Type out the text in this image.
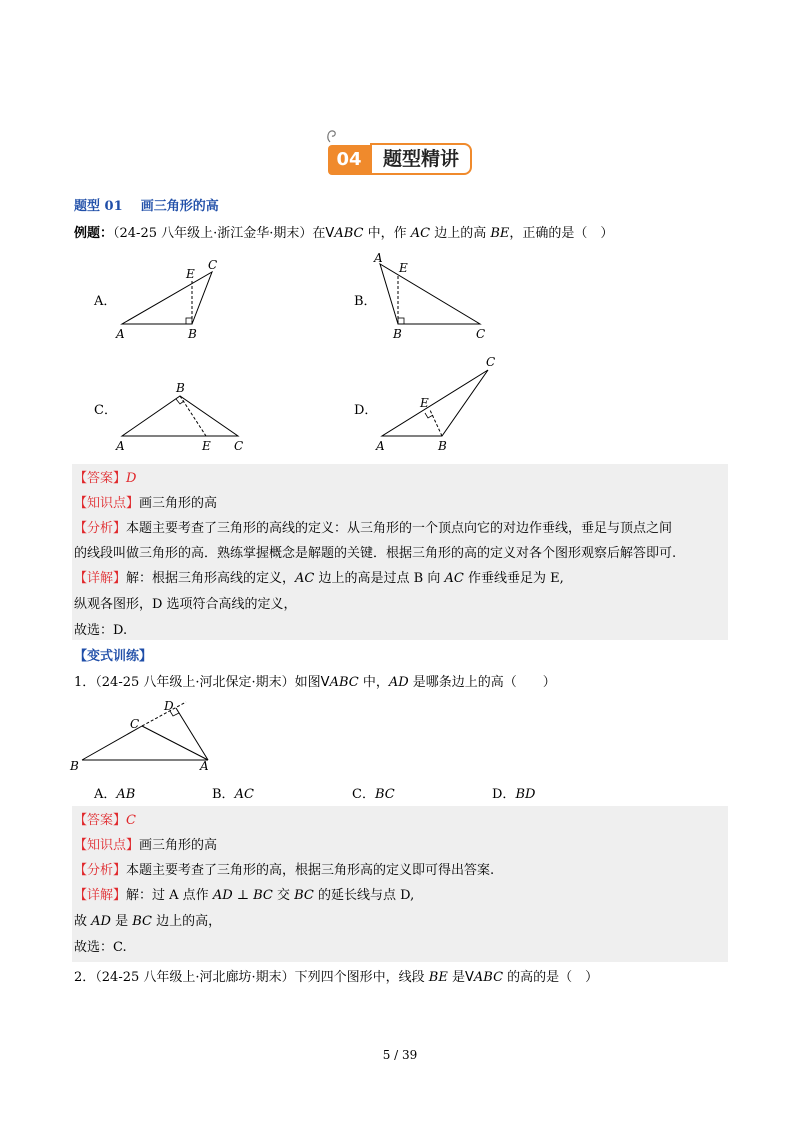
04	题型精讲
题型 01 画三角形的高
例题：（24-25 八年级上·浙江金华·期末）在VABC 中，作 AC 边上的高 BE，正确的是（　）
A．	B．
C．	D．
E
C
A	B
A
E
B	C
B
A	E C
C
E
A	B
【答案】D
【知识点】画三角形的高
【分析】本题主要考查了三角形的高线的定义：从三角形的一个顶点向它的对边作垂线，垂足与顶点之间
的线段叫做三角形的高．熟练掌握概念是解题的关键．根据三角形的高的定义对各个图形观察后解答即可.
【详解】解：根据三角形高线的定义，AC 边上的高是过点 B 向 AC 作垂线垂足为 E,
纵观各图形，D 选项符合高线的定义，
故选：D.
【变式训练】
1．（24-25 八年级上·河北保定·期末）如图VABC 中，AD 是哪条边上的高（　　）
D
C
B	A
A．AB	B．AC	C．BC	D．BD
【答案】C
【知识点】画三角形的高
【分析】本题主要考查了三角形的高，根据三角形高的定义即可得出答案.
【详解】解：过 A 点作 AD ⊥ BC 交 BC 的延长线与点 D,
故 AD 是 BC 边上的高，
故选：C.
2．（24-25 八年级上·河北廊坊·期末）下列四个图形中，线段 BE 是VABC 的高的是（　）
5 / 39
